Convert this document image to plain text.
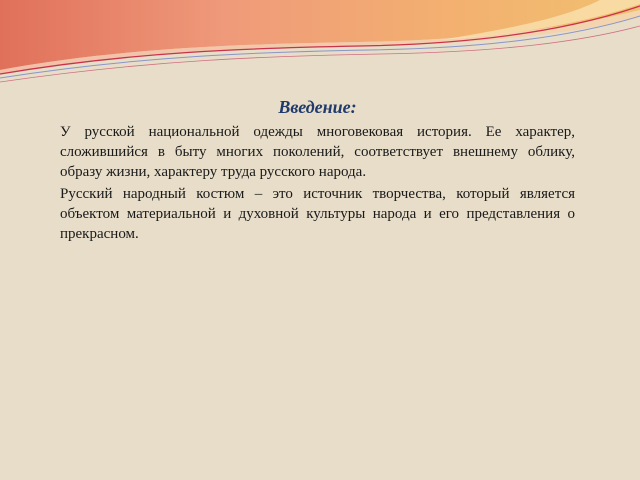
Введение:

У русской национальной одежды многовековая история. Ее характер, сложившийся в быту многих поколений, соответствует внешнему облику, образу жизни, характеру труда русского народа.

Русский народный костюм – это источник творчества, который является объектом материальной и духовной культуры народа и его представления о прекрасном.
